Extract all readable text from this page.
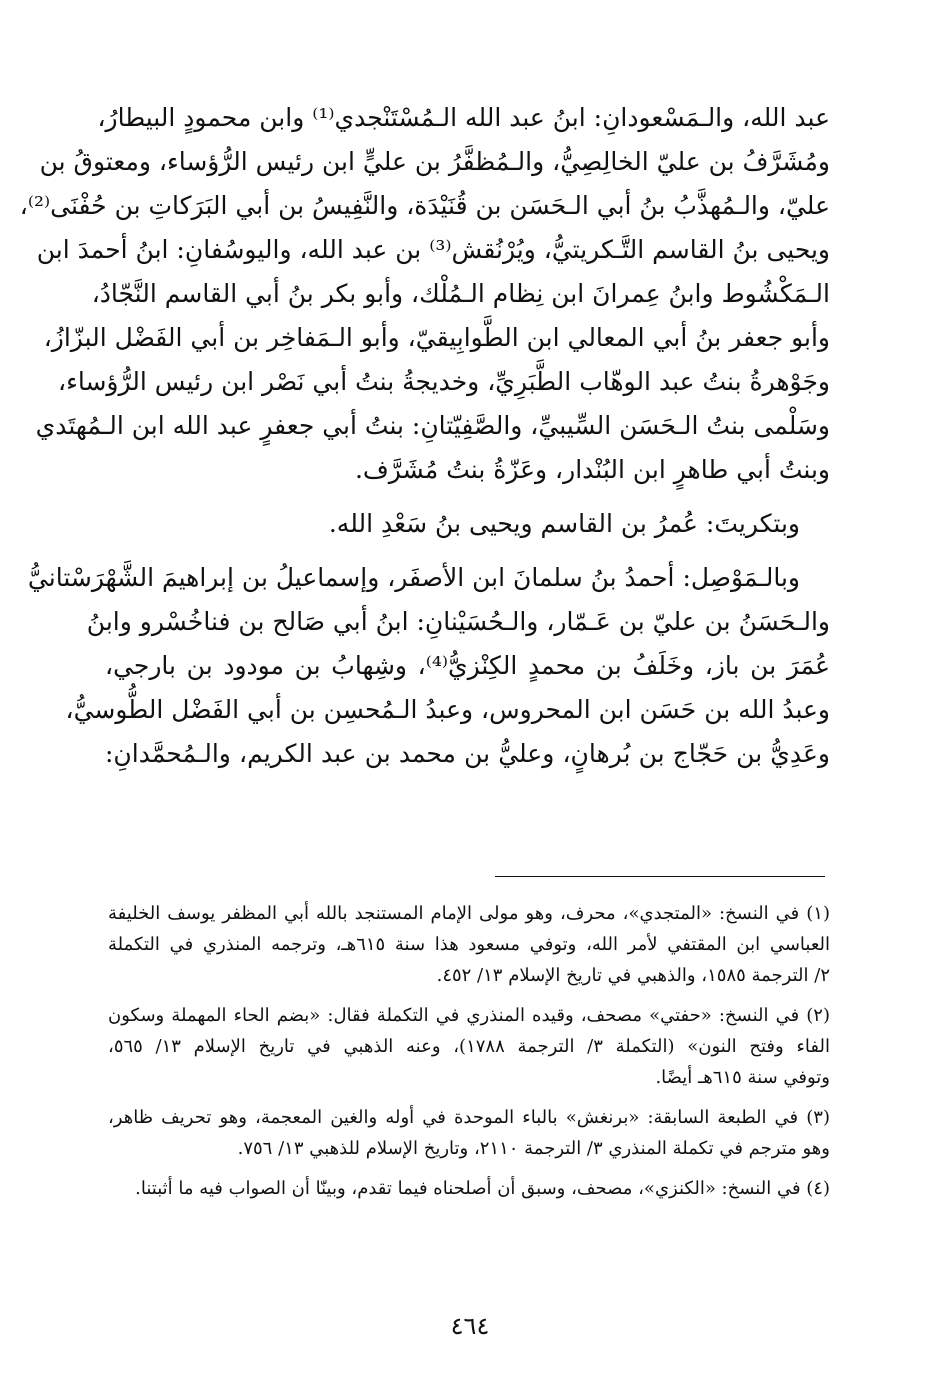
عبد الله، والـمَسْعودانِ: ابنُ عبد الله الـمُسْتَنْجدي⁽¹⁾ وابن محمودٍ البيطارُ،
ومُشَرَّفُ بن عليّ الخالِصِيُّ، والـمُظفَّرُ بن عليٍّ ابن رئيس الرُّؤساء، ومعتوقُ بن
عليّ، والـمُهذَّبُ بنُ أبي الـحَسَن بن قُنَيْدَة، والنَّفِيسُ بن أبي البَرَكاتِ بن حُفْنَى⁽²⁾،
ويحيى بنُ القاسم التَّـكريتيُّ، ويُرْنُقش⁽³⁾ بن عبد الله، واليوسُفانِ: ابنُ أحمدَ ابن
الـمَكْشُوط وابنُ عِمرانَ ابن نِظام الـمُلْك، وأبو بكر بنُ أبي القاسم النَّجّادُ،
وأبو جعفر بنُ أبي المعالي ابن الطَّوابِيقيّ، وأبو الـمَفاخِر بن أبي الفَضْل البزّازُ،
وجَوْهرةُ بنتُ عبد الوهّاب الطَّبَرِيِّ، وخديجةُ بنتُ أبي نَصْر ابن رئيس الرُّؤساء،
وسَلْمى بنتُ الـحَسَن السِّيبيِّ، والصَّفِيّتانِ: بنتُ أبي جعفرٍ عبد الله ابن الـمُهتَدي
وبنتُ أبي طاهرٍ ابن البُنْدار، وعَزّةُ بنتُ مُشَرَّف.
وبتكريتَ: عُمرُ بن القاسم ويحيى بنُ سَعْدِ الله.
وبالـمَوْصِل: أحمدُ بنُ سلمانَ ابن الأصفَر، وإسماعيلُ بن إبراهيمَ الشَّهْرَسْتانيُّ
والـحَسَنُ بن عليّ بن عَـمّار، والـحُسَيْنانِ: ابنُ أبي صَالح بن فناخُسْرو وابنُ
عُمَرَ بن باز، وخَلَفُ بن محمدٍ الكِنْزيُّ⁽⁴⁾، وشِهابُ بن مودود بن بارجي،
وعبدُ الله بن حَسَن ابن المحروس، وعبدُ الـمُحسِن بن أبي الفَضْل الطُّوسيُّ،
وعَدِيُّ بن حَجّاج بن بُرهانٍ، وعليُّ بن محمد بن عبد الكريم، والـمُحمَّدانِ:
(١) في النسخ: «المتجدي»، محرف، وهو مولى الإمام المستنجد بالله أبي المظفر يوسف الخليفة
العباسي ابن المقتفي لأمر الله، وتوفي مسعود هذا سنة ٦١٥هـ، وترجمه المنذري في التكملة
٢/ الترجمة ١٥٨٥، والذهبي في تاريخ الإسلام ١٣/ ٤٥٢.
(٢) في النسخ: «حفتي» مصحف، وقيده المنذري في التكملة فقال: «بضم الحاء المهملة وسكون
الفاء وفتح النون» (التكملة ٣/ الترجمة ١٧٨٨)، وعنه الذهبي في تاريخ الإسلام ١٣/ ٥٦٥،
وتوفي سنة ٦١٥هـ أيضًا.
(٣) في الطبعة السابقة: «برنغش» بالباء الموحدة في أوله والغين المعجمة، وهو تحريف ظاهر،
وهو مترجم في تكملة المنذري ٣/ الترجمة ٢١١٠، وتاريخ الإسلام للذهبي ١٣/ ٧٥٦.
(٤) في النسخ: «الكنزي»، مصحف، وسبق أن أصلحناه فيما تقدم، وبينّا أن الصواب فيه ما أثبتنا.
٤٦٤
